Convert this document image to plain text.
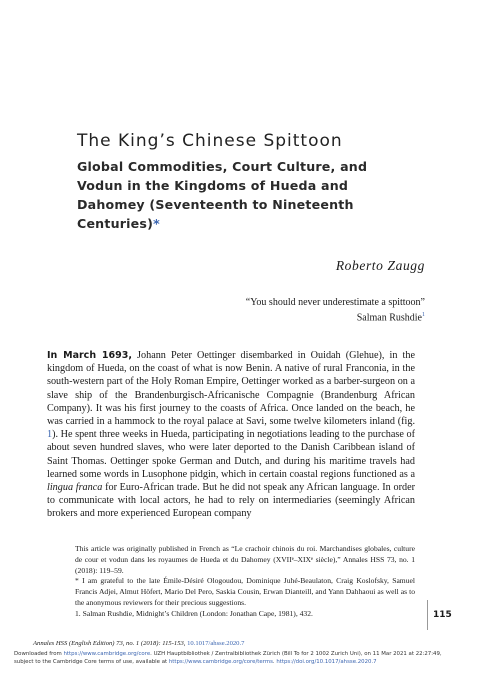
The King’s Chinese Spittoon
Global Commodities, Court Culture, and Vodun in the Kingdoms of Hueda and Dahomey (Seventeenth to Nineteenth Centuries)*
Roberto Zaugg
“You should never underestimate a spittoon”
Salman Rushdie$^1$
In March 1693, Johann Peter Oettinger disembarked in Ouidah (Glehue), in the kingdom of Hueda, on the coast of what is now Benin. A native of rural Franconia, in the south-western part of the Holy Roman Empire, Oettinger worked as a barber-surgeon on a slave ship of the Brandenburgisch-Africanische Compagnie (Brandenburg African Company). It was his first journey to the coasts of Africa. Once landed on the beach, he was carried in a hammock to the royal palace at Savi, some twelve kilometers inland (fig. 1). He spent three weeks in Hueda, participating in negotiations leading to the purchase of about seven hundred slaves, who were later deported to the Danish Caribbean island of Saint Thomas. Oettinger spoke German and Dutch, and during his maritime travels had learned some words in Lusophone pidgin, which in certain coastal regions functioned as a lingua franca for Euro-African trade. But he did not speak any African language. In order to communicate with local actors, he had to rely on intermediaries (seemingly African brokers and more experienced European company

This article was originally published in French as “Le crachoir chinois du roi. Marchandises globales, culture de cour et vodun dans les royaumes de Hueda et du Dahomey (XVIIᵉ–XIXᵉ siècle),” Annales HSS 73, no. 1 (2018): 119–59.

* I am grateful to the late Émile-Désiré Ologoudou, Dominique Juhé-Beaulaton, Craig Koslofsky, Samuel Francis Adjei, Almut Höfert, Mario Del Pero, Saskia Cousin, Erwan Dianteill, and Yann Dahhaoui as well as to the anonymous reviewers for their precious suggestions.

1. Salman Rushdie, Midnight’s Children (London: Jonathan Cape, 1981), 432.	115
Annales HSS (English Edition) 73, no. 1 (2018): 115-153, 10.1017/ahsse.2020.7
Downloaded from https://www.cambridge.org/core. UZH Hauptbibliothek / Zentralbibliothek Zürich (Bill To for 2 1002 Zurich Uni), on 11 Mar 2021 at 22:27:49,
subject to the Cambridge Core terms of use, available at https://www.cambridge.org/core/terms. https://doi.org/10.1017/ahsse.2020.7
